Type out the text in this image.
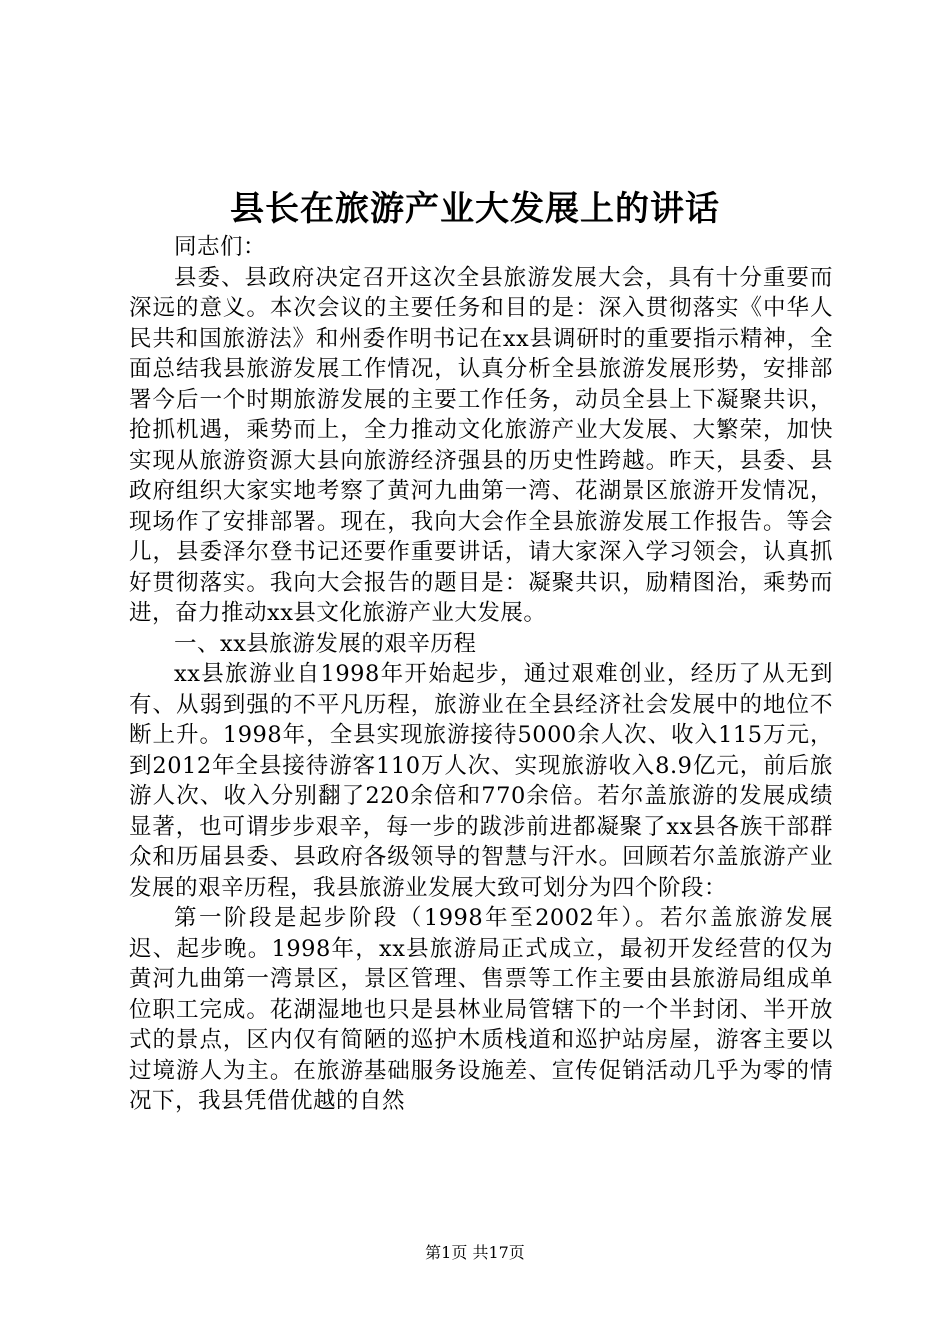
县长在旅游产业大发展上的讲话

同志们：

县委、县政府决定召开这次全县旅游发展大会，具有十分重要而深远的意义。本次会议的主要任务和目的是：深入贯彻落实《中华人民共和国旅游法》和州委作明书记在xx县调研时的重要指示精神，全面总结我县旅游发展工作情况，认真分析全县旅游发展形势，安排部署今后一个时期旅游发展的主要工作任务，动员全县上下凝聚共识，抢抓机遇，乘势而上，全力推动文化旅游产业大发展、大繁荣，加快实现从旅游资源大县向旅游经济强县的历史性跨越。昨天，县委、县政府组织大家实地考察了黄河九曲第一湾、花湖景区旅游开发情况，现场作了安排部署。现在，我向大会作全县旅游发展工作报告。等会儿，县委泽尔登书记还要作重要讲话，请大家深入学习领会，认真抓好贯彻落实。我向大会报告的题目是：凝聚共识，励精图治，乘势而进，奋力推动xx县文化旅游产业大发展。

一、xx县旅游发展的艰辛历程

xx县旅游业自1998年开始起步，通过艰难创业，经历了从无到有、从弱到强的不平凡历程，旅游业在全县经济社会发展中的地位不断上升。1998年，全县实现旅游接待5000余人次、收入115万元，到2012年全县接待游客110万人次、实现旅游收入8.9亿元，前后旅游人次、收入分别翻了220余倍和770余倍。若尔盖旅游的发展成绩显著，也可谓步步艰辛，每一步的跋涉前进都凝聚了xx县各族干部群众和历届县委、县政府各级领导的智慧与汗水。回顾若尔盖旅游产业发展的艰辛历程，我县旅游业发展大致可划分为四个阶段：

第一阶段是起步阶段（1998年至2002年）。若尔盖旅游发展迟、起步晚。1998年，xx县旅游局正式成立，最初开发经营的仅为黄河九曲第一湾景区，景区管理、售票等工作主要由县旅游局组成单位职工完成。花湖湿地也只是县林业局管辖下的一个半封闭、半开放式的景点，区内仅有简陋的巡护木质栈道和巡护站房屋，游客主要以过境游人为主。在旅游基础服务设施差、宣传促销活动几乎为零的情况下，我县凭借优越的自然

第1页 共17页
